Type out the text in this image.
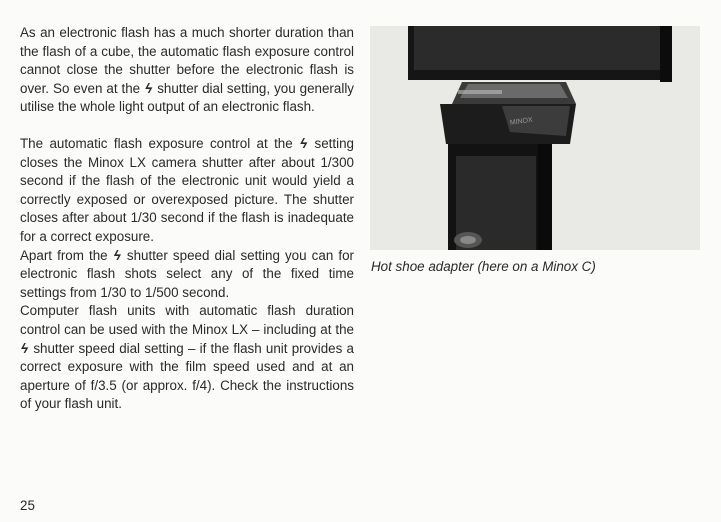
As an electronic flash has a much shorter duration than the flash of a cube, the automatic flash exposure control cannot close the shutter before the electronic flash is over. So even at the ϟ shutter dial setting, you generally utilise the whole light output of an electronic flash.

The automatic flash exposure control at the ϟ setting closes the Minox LX camera shutter after about 1/300 second if the flash of the electronic unit would yield a correctly exposed or overexposed picture. The shutter closes after about 1/30 second if the flash is inadequate for a correct exposure.

Apart from the ϟ shutter speed dial setting you can for electronic flash shots select any of the fixed time settings from 1/30 to 1/500 second.

Computer flash units with automatic flash duration control can be used with the Minox LX – including at the ϟ shutter speed dial setting – if the flash unit provides a correct exposure with the film speed used and at an aperture of f/3.5 (or approx. f/4). Check the instructions of your flash unit.

MINOX
Hot shoe adapter (here on a Minox C)
25
